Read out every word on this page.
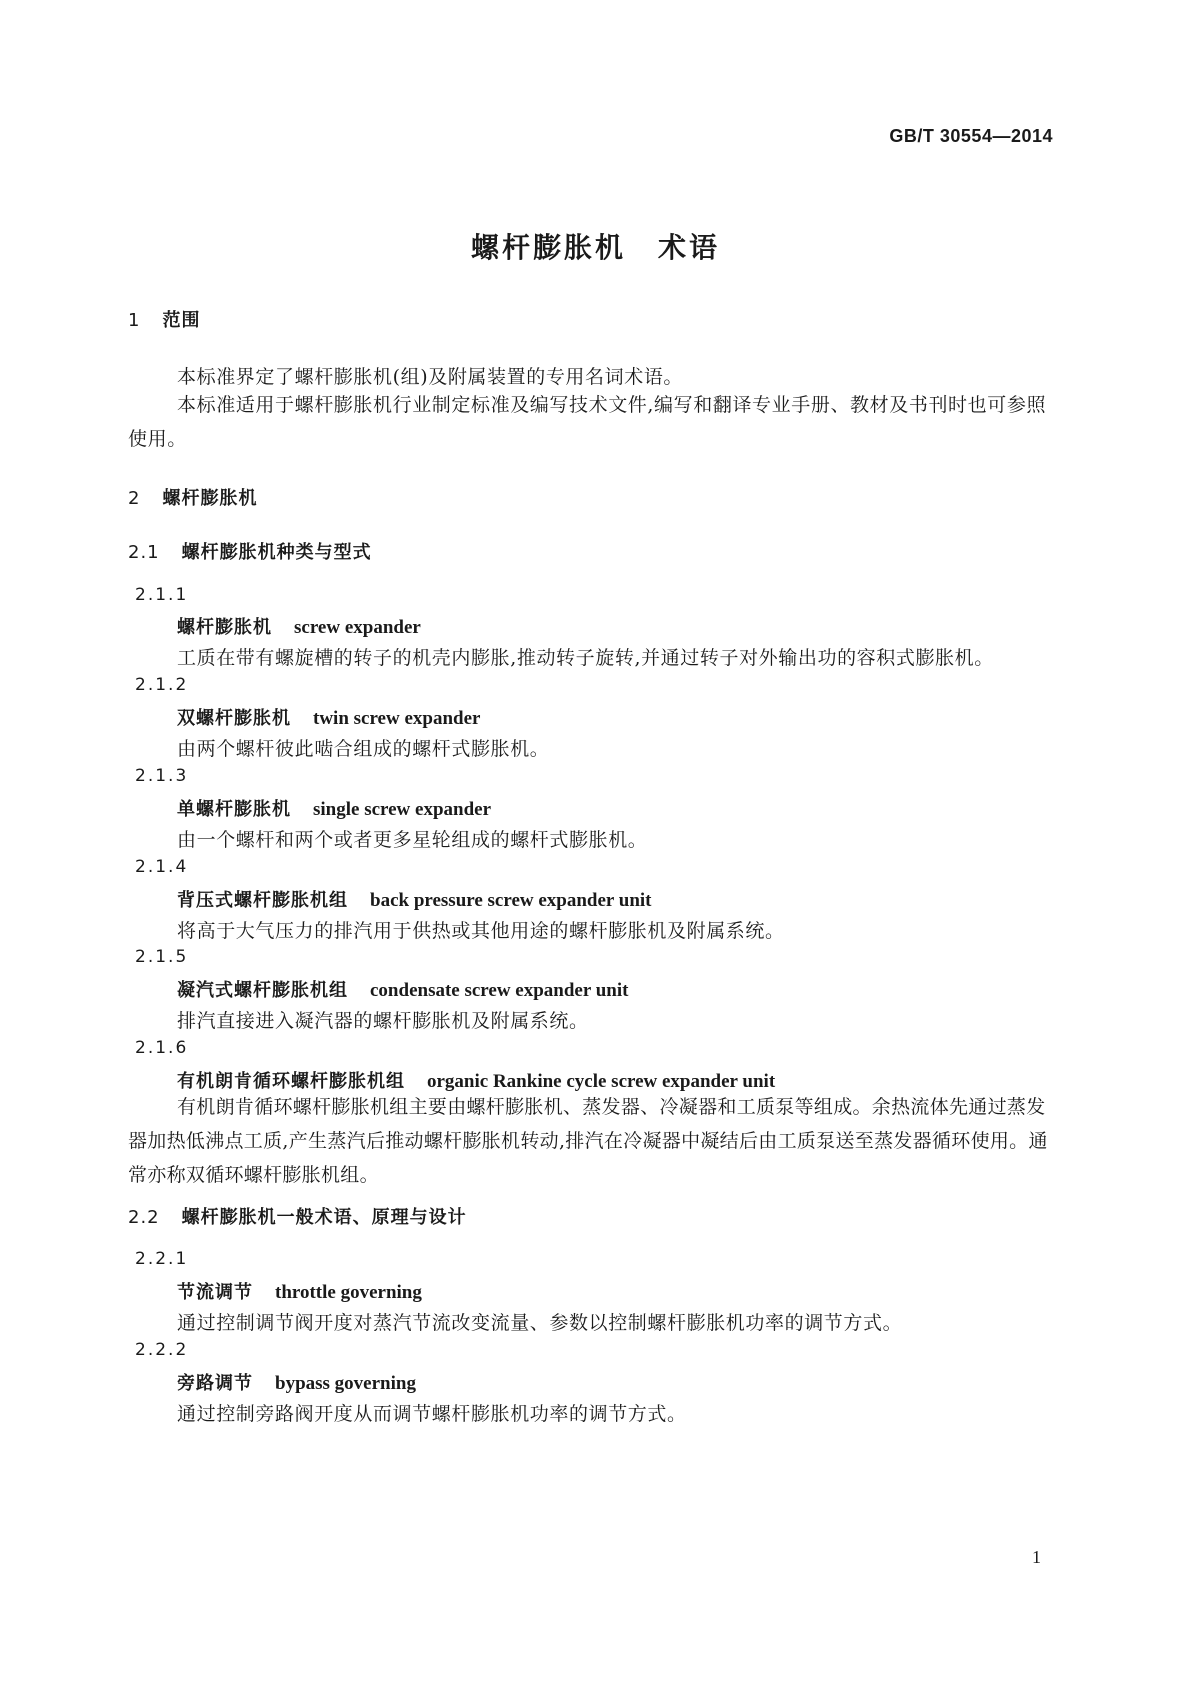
GB/T 30554—2014
螺杆膨胀机 术语
1 范围
本标准界定了螺杆膨胀机(组)及附属装置的专用名词术语。
本标准适用于螺杆膨胀机行业制定标准及编写技术文件,编写和翻译专业手册、教材及书刊时也可参照使用。
2 螺杆膨胀机
2.1 螺杆膨胀机种类与型式
2.1.1
螺杆膨胀机 screw expander
工质在带有螺旋槽的转子的机壳内膨胀,推动转子旋转,并通过转子对外输出功的容积式膨胀机。
2.1.2
双螺杆膨胀机 twin screw expander
由两个螺杆彼此啮合组成的螺杆式膨胀机。
2.1.3
单螺杆膨胀机 single screw expander
由一个螺杆和两个或者更多星轮组成的螺杆式膨胀机。
2.1.4
背压式螺杆膨胀机组 back pressure screw expander unit
将高于大气压力的排汽用于供热或其他用途的螺杆膨胀机及附属系统。
2.1.5
凝汽式螺杆膨胀机组 condensate screw expander unit
排汽直接进入凝汽器的螺杆膨胀机及附属系统。
2.1.6
有机朗肯循环螺杆膨胀机组 organic Rankine cycle screw expander unit
有机朗肯循环螺杆膨胀机组主要由螺杆膨胀机、蒸发器、冷凝器和工质泵等组成。余热流体先通过蒸发器加热低沸点工质,产生蒸汽后推动螺杆膨胀机转动,排汽在冷凝器中凝结后由工质泵送至蒸发器循环使用。通常亦称双循环螺杆膨胀机组。
2.2 螺杆膨胀机一般术语、原理与设计
2.2.1
节流调节 throttle governing
通过控制调节阀开度对蒸汽节流改变流量、参数以控制螺杆膨胀机功率的调节方式。
2.2.2
旁路调节 bypass governing
通过控制旁路阀开度从而调节螺杆膨胀机功率的调节方式。
1
